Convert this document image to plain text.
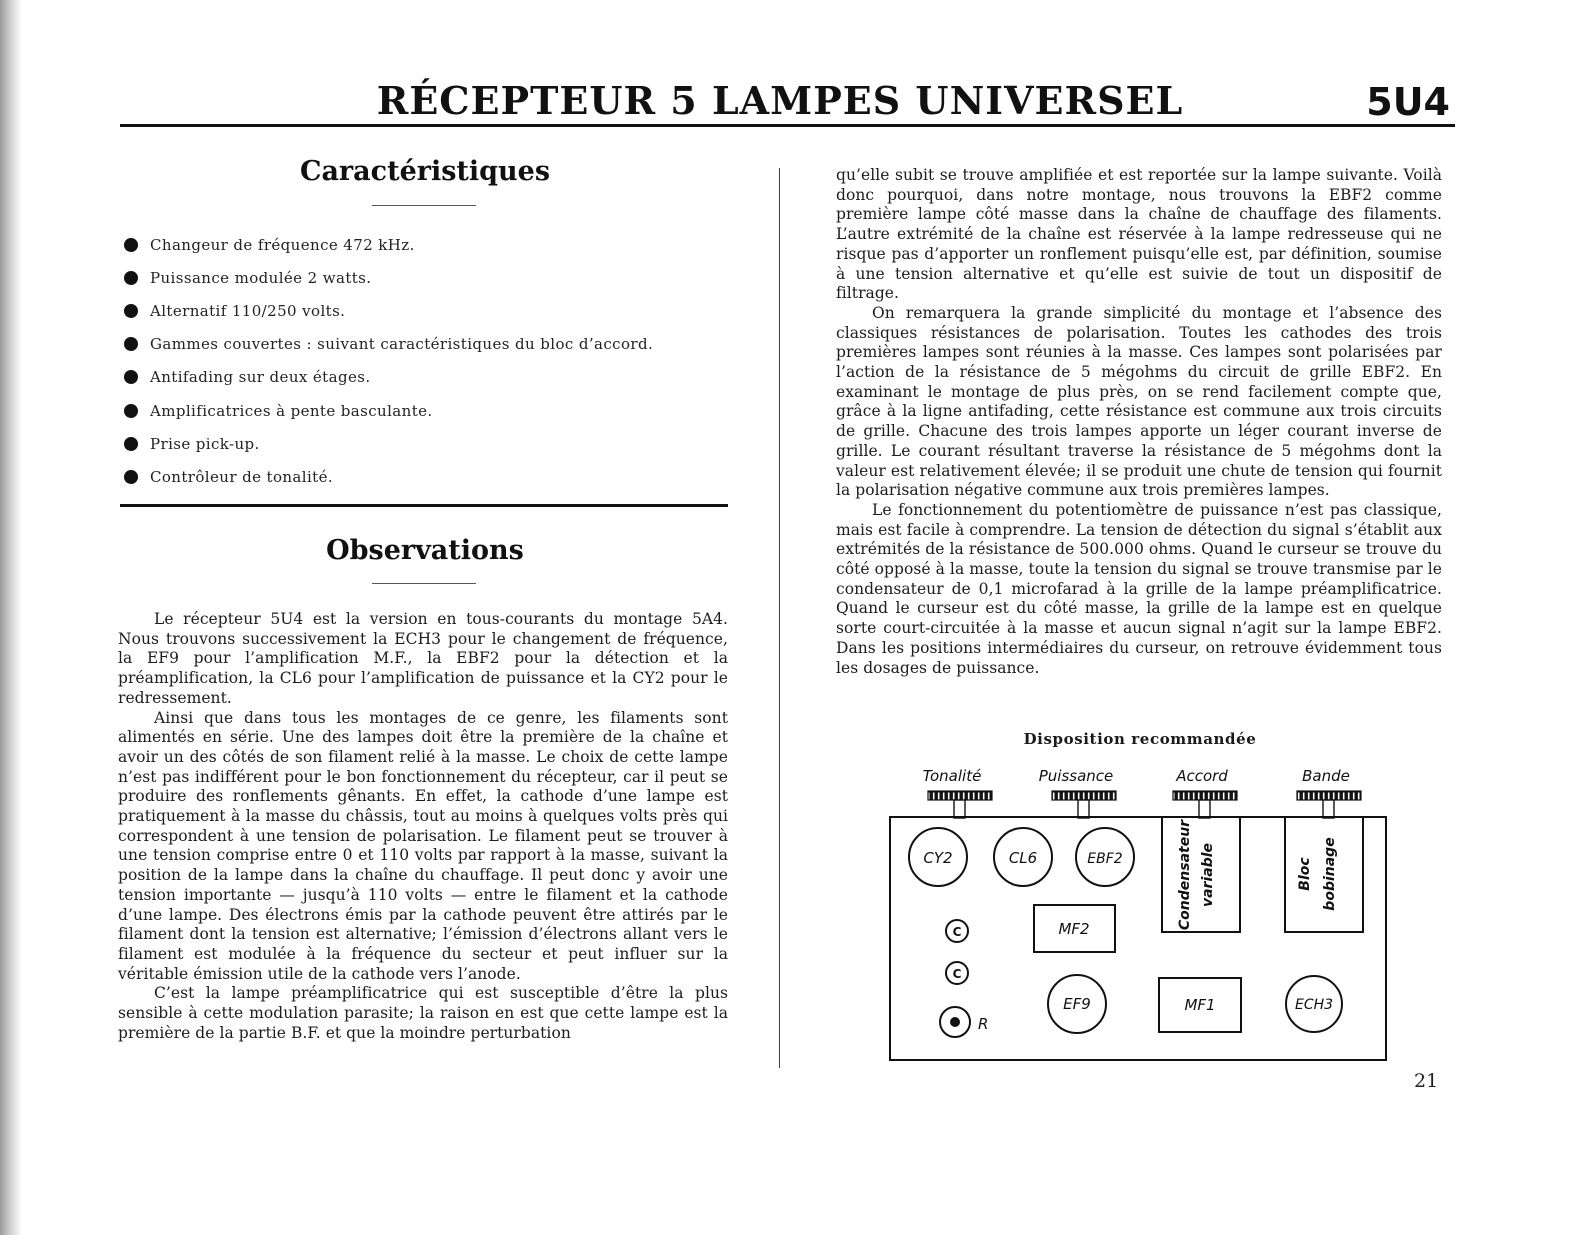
RÉCEPTEUR 5 LAMPES UNIVERSEL	5U4
Caractéristiques
Changeur de fréquence 472 kHz.
Puissance modulée 2 watts.
Alternatif 110/250 volts.
Gammes couvertes : suivant caractéristiques du bloc d’accord.
Antifading sur deux étages.
Amplificatrices à pente basculante.
Prise pick-up.
Contrôleur de tonalité.
Observations

Le récepteur 5U4 est la version en tous-courants du montage 5A4. Nous trouvons successivement la ECH3 pour le changement de fréquence, la EF9 pour l’amplification M.F., la EBF2 pour la détection et la préamplification, la CL6 pour l’amplification de puissance et la CY2 pour le redressement.

Ainsi que dans tous les montages de ce genre, les filaments sont alimentés en série. Une des lampes doit être la première de la chaîne et avoir un des côtés de son filament relié à la masse. Le choix de cette lampe n’est pas indifférent pour le bon fonctionnement du récepteur, car il peut se produire des ronflements gênants. En effet, la cathode d’une lampe est pratiquement à la masse du châssis, tout au moins à quelques volts près qui correspondent à une tension de polarisation. Le filament peut se trouver à une tension comprise entre 0 et 110 volts par rapport à la masse, suivant la position de la lampe dans la chaîne du chauffage. Il peut donc y avoir une tension importante — jusqu’à 110 volts — entre le filament et la cathode d’une lampe. Des électrons émis par la cathode peuvent être attirés par le filament dont la tension est alternative; l’émission d’électrons allant vers le filament est modulée à la fréquence du secteur et peut influer sur la véritable émission utile de la cathode vers l’anode.

C’est la lampe préamplificatrice qui est susceptible d’être la plus sensible à cette modulation parasite; la raison en est que cette lampe est la première de la partie B.F. et que la moindre perturbation

qu’elle subit se trouve amplifiée et est reportée sur la lampe suivante. Voilà donc pourquoi, dans notre montage, nous trouvons la EBF2 comme première lampe côté masse dans la chaîne de chauffage des filaments. L’autre extrémité de la chaîne est réservée à la lampe redresseuse qui ne risque pas d’apporter un ronflement puisqu’elle est, par définition, soumise à une tension alternative et qu’elle est suivie de tout un dispositif de filtrage.

On remarquera la grande simplicité du montage et l’absence des classiques résistances de polarisation. Toutes les cathodes des trois premières lampes sont réunies à la masse. Ces lampes sont polarisées par l’action de la résistance de 5 mégohms du circuit de grille EBF2. En examinant le montage de plus près, on se rend facilement compte que, grâce à la ligne antifading, cette résistance est commune aux trois circuits de grille. Chacune des trois lampes apporte un léger courant inverse de grille. Le courant résultant traverse la résistance de 5 mégohms dont la valeur est relativement élevée; il se produit une chute de tension qui fournit la polarisation négative commune aux trois premières lampes.

Le fonctionnement du potentiomètre de puissance n’est pas classique, mais est facile à comprendre. La tension de détection du signal s’établit aux extrémités de la résistance de 500.000 ohms. Quand le curseur se trouve du côté opposé à la masse, toute la tension du signal se trouve transmise par le condensateur de 0,1 microfarad à la grille de la lampe préamplificatrice. Quand le curseur est du côté masse, la grille de la lampe est en quelque sorte court-circuitée à la masse et aucun signal n’agit sur la lampe EBF2. Dans les positions intermédiaires du curseur, on retrouve évidemment tous les dosages de puissance.

Disposition recommandée
Tonalité	Puissance	Accord	Bande
CY2	CL6	EBF2
EF9	ECH3
MF2
MF1
Condensateur variable	Bloc bobinage
C
C
R
21
